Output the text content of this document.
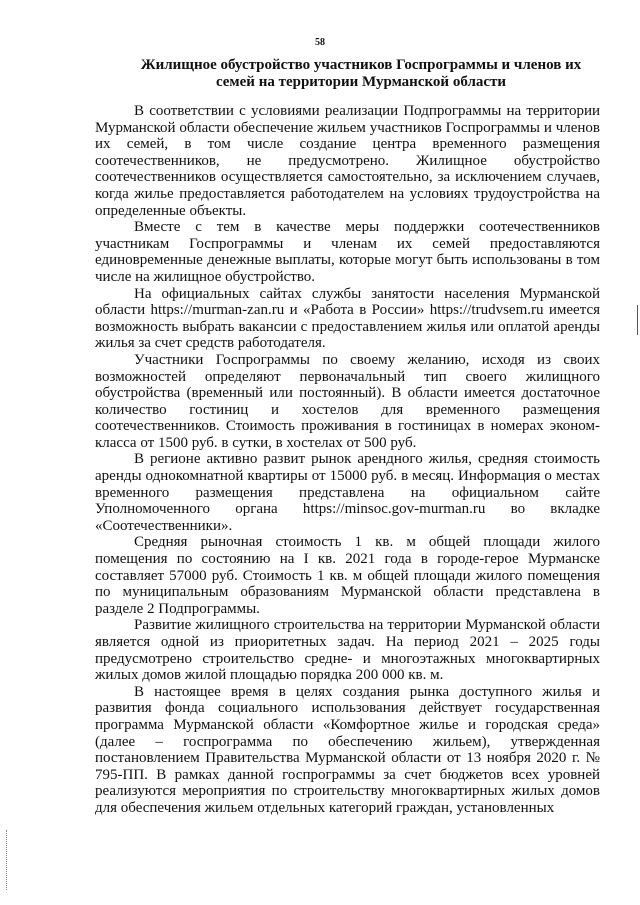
58
Жилищное обустройство участников Госпрограммы и членов их семей на территории Мурманской области

В соответствии с условиями реализации Подпрограммы на территории Мурманской области обеспечение жильем участников Госпрограммы и членов их семей, в том числе создание центра временного размещения соотечественников, не предусмотрено. Жилищное обустройство соотечественников осуществляется самостоятельно, за исключением случаев, когда жилье предоставляется работодателем на условиях трудоустройства на определенные объекты.

Вместе с тем в качестве меры поддержки соотечественников участникам Госпрограммы и членам их семей предоставляются единовременные денежные выплаты, которые могут быть использованы в том числе на жилищное обустройство.

На официальных сайтах службы занятости населения Мурманской области https://murman-zan.ru и «Работа в России» https://trudvsem.ru имеется возможность выбрать вакансии с предоставлением жилья или оплатой аренды жилья за счет средств работодателя.

Участники Госпрограммы по своему желанию, исходя из своих возможностей определяют первоначальный тип своего жилищного обустройства (временный или постоянный). В области имеется достаточное количество гостиниц и хостелов для временного размещения соотечественников. Стоимость проживания в гостиницах в номерах экономкласса от 1500 руб. в сутки, в хостелах от 500 руб.

В регионе активно развит рынок арендного жилья, средняя стоимость аренды однокомнатной квартиры от 15000 руб. в месяц. Информация о местах временного размещения представлена на официальном сайте Уполномоченного органа https://minsoc.gov-murman.ru во вкладке «Соотечественники».

Средняя рыночная стоимость 1 кв. м общей площади жилого помещения по состоянию на I кв. 2021 года в городе-герое Мурманске составляет 57000 руб. Стоимость 1 кв. м общей площади жилого помещения по муниципальным образованиям Мурманской области представлена в разделе 2 Подпрограммы.

Развитие жилищного строительства на территории Мурманской области является одной из приоритетных задач. На период 2021 – 2025 годы предусмотрено строительство средне- и многоэтажных многоквартирных жилых домов жилой площадью порядка 200 000 кв. м.

В настоящее время в целях создания рынка доступного жилья и развития фонда социального использования действует государственная программа Мурманской области «Комфортное жилье и городская среда» (далее – госпрограмма по обеспечению жильем), утвержденная постановлением Правительства Мурманской области от 13 ноября 2020 г. № 795-ПП. В рамках данной госпрограммы за счет бюджетов всех уровней реализуются мероприятия по строительству многоквартирных жилых домов для обеспечения жильем отдельных категорий граждан, установленных
